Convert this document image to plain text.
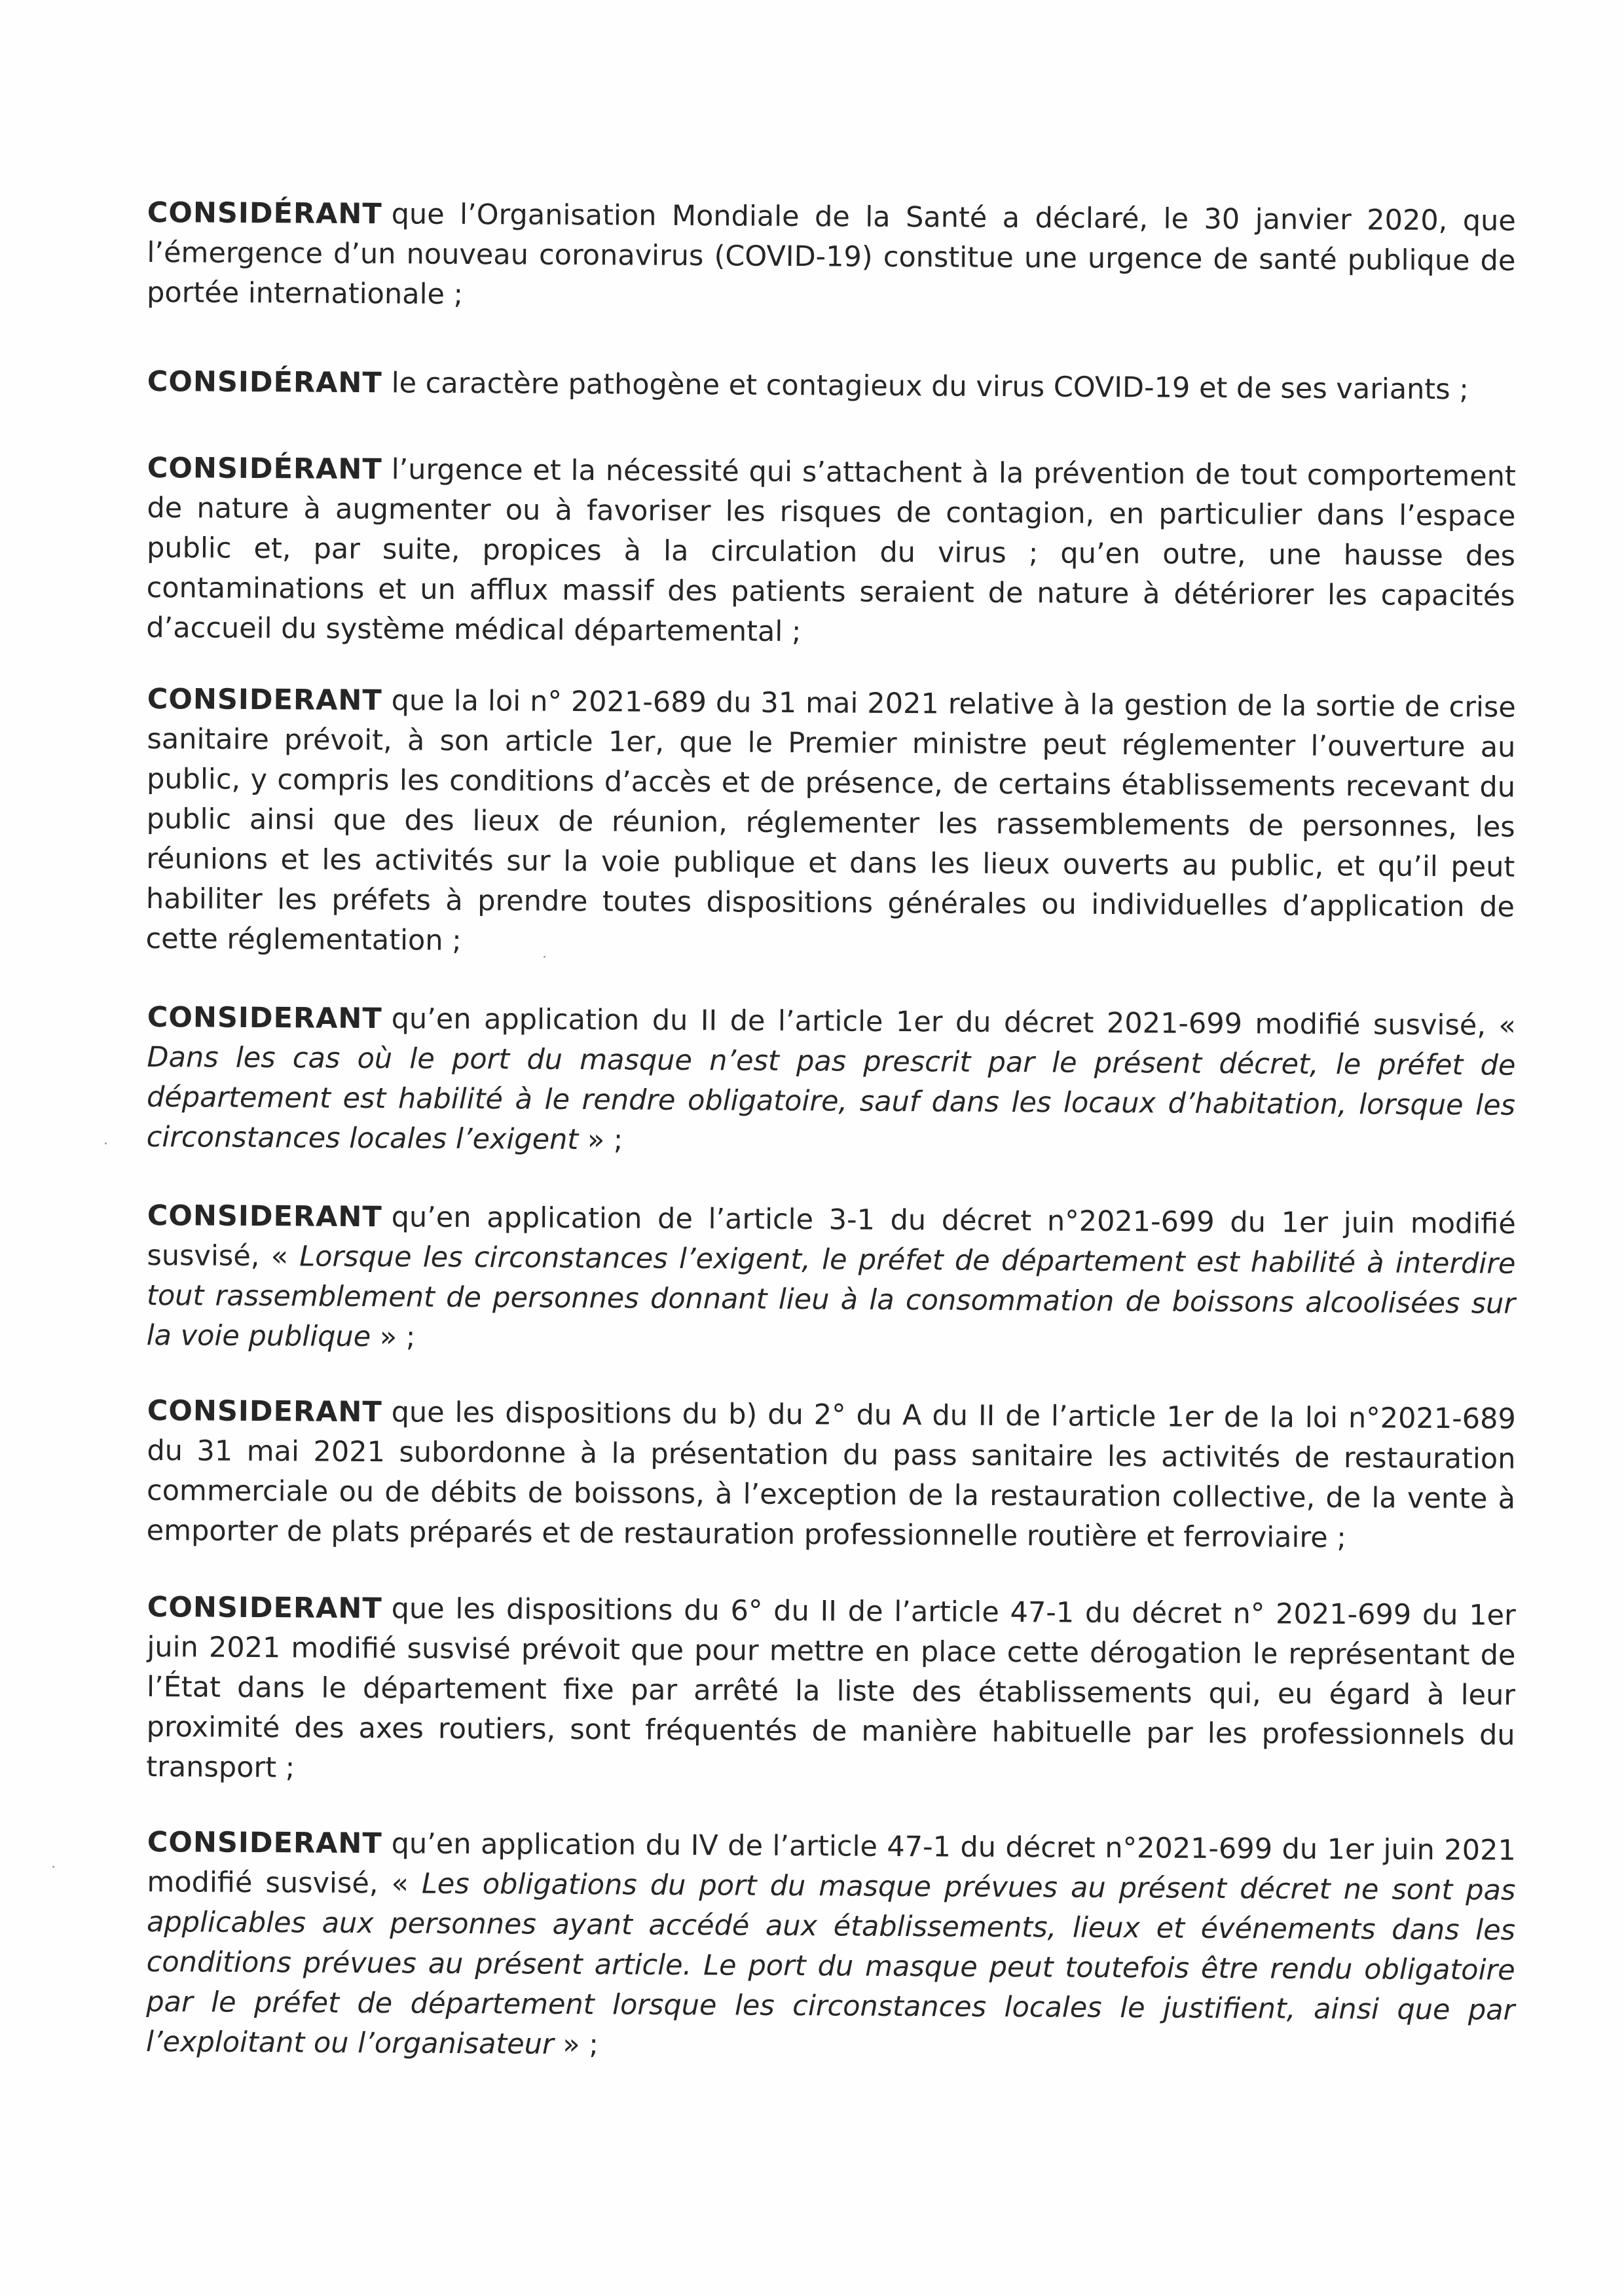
CONSIDÉRANT que l’Organisation Mondiale de la Santé a déclaré, le 30 janvier 2020, que l’émergence d’un nouveau coronavirus (COVID-19) constitue une urgence de santé publique de portée internationale ;

CONSIDÉRANT le caractère pathogène et contagieux du virus COVID-19 et de ses variants ;

CONSIDÉRANT l’urgence et la nécessité qui s’attachent à la prévention de tout comportement de nature à augmenter ou à favoriser les risques de contagion, en particulier dans l’espace public et, par suite, propices à la circulation du virus ; qu’en outre, une hausse des contaminations et un afflux massif des patients seraient de nature à détériorer les capacités d’accueil du système médical départemental ;

CONSIDERANT que la loi n° 2021-689 du 31 mai 2021 relative à la gestion de la sortie de crise sanitaire prévoit, à son article 1er, que le Premier ministre peut réglementer l’ouverture au public, y compris les conditions d’accès et de présence, de certains établissements recevant du public ainsi que des lieux de réunion, réglementer les rassemblements de personnes, les réunions et les activités sur la voie publique et dans les lieux ouverts au public, et qu’il peut habiliter les préfets à prendre toutes dispositions générales ou individuelles d’application de cette réglementation ;

CONSIDERANT qu’en application du II de l’article 1er du décret 2021-699 modifié susvisé, « Dans les cas où le port du masque n’est pas prescrit par le présent décret, le préfet de département est habilité à le rendre obligatoire, sauf dans les locaux d’habitation, lorsque les circonstances locales l’exigent » ;

CONSIDERANT qu’en application de l’article 3-1 du décret n°2021-699 du 1er juin modifié susvisé, « Lorsque les circonstances l’exigent, le préfet de département est habilité à interdire tout rassemblement de personnes donnant lieu à la consommation de boissons alcoolisées sur la voie publique » ;

CONSIDERANT que les dispositions du b) du 2° du A du II de l’article 1er de la loi n°2021-689 du 31 mai 2021 subordonne à la présentation du pass sanitaire les activités de restauration commerciale ou de débits de boissons, à l’exception de la restauration collective, de la vente à emporter de plats préparés et de restauration professionnelle routière et ferroviaire ;

CONSIDERANT que les dispositions du 6° du II de l’article 47-1 du décret n° 2021-699 du 1er juin 2021 modifié susvisé prévoit que pour mettre en place cette dérogation le représentant de l’État dans le département fixe par arrêté la liste des établissements qui, eu égard à leur proximité des axes routiers, sont fréquentés de manière habituelle par les professionnels du transport ;

CONSIDERANT qu’en application du IV de l’article 47-1 du décret n°2021-699 du 1er juin 2021 modifié susvisé, « Les obligations du port du masque prévues au présent décret ne sont pas applicables aux personnes ayant accédé aux établissements, lieux et événements dans les conditions prévues au présent article. Le port du masque peut toutefois être rendu obligatoire par le préfet de département lorsque les circonstances locales le justifient, ainsi que par l’exploitant ou l’organisateur » ;
